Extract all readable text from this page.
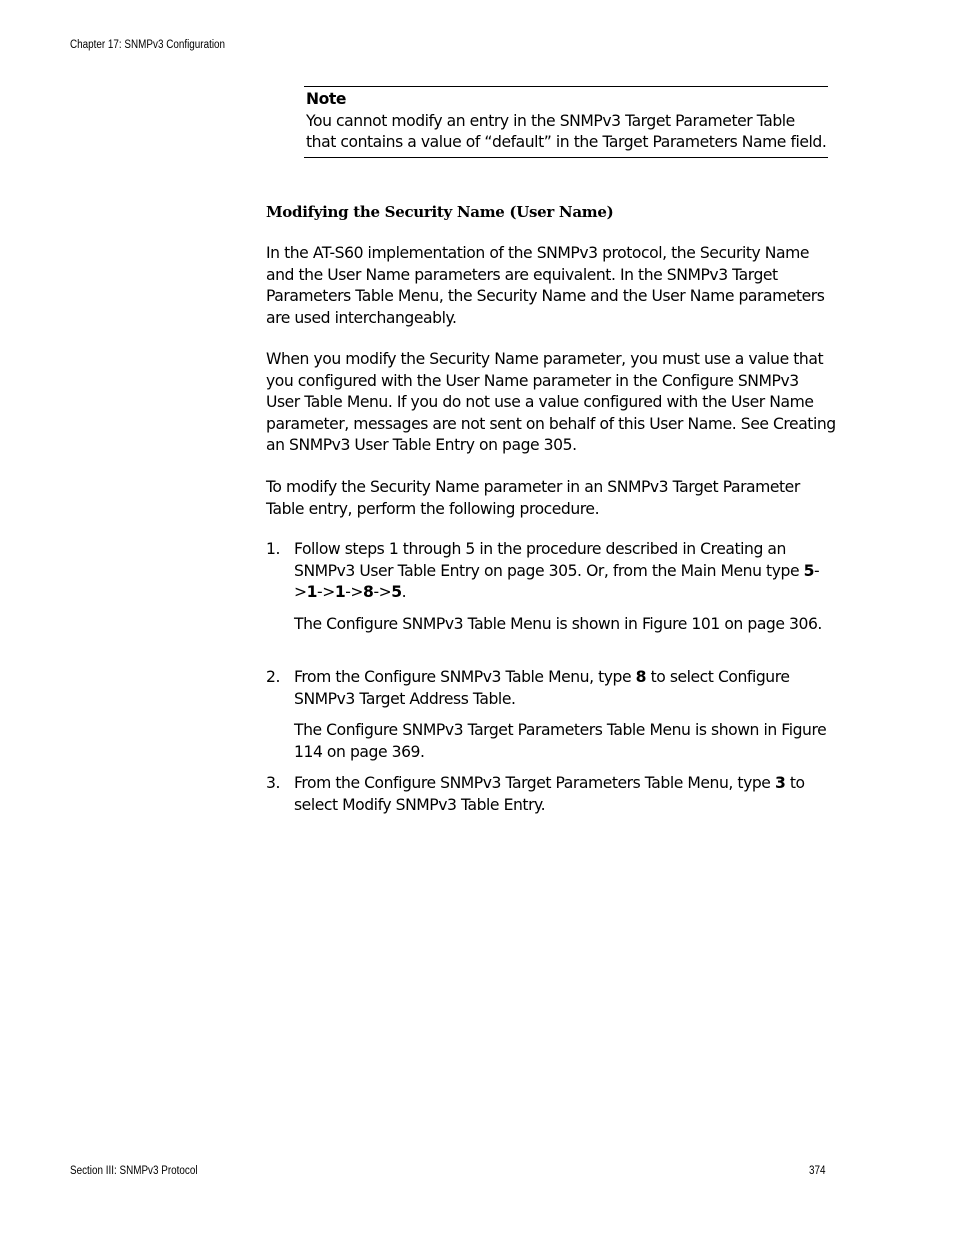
Chapter 17: SNMPv3 Configuration
Note
You cannot modify an entry in the SNMPv3 Target Parameter Table that contains a value of “default” in the Target Parameters Name field.
Modifying the Security Name (User Name)

In the AT-S60 implementation of the SNMPv3 protocol, the Security Name and the User Name parameters are equivalent. In the SNMPv3 Target Parameters Table Menu, the Security Name and the User Name parameters are used interchangeably.

When you modify the Security Name parameter, you must use a value that you configured with the User Name parameter in the Configure SNMPv3 User Table Menu. If you do not use a value configured with the User Name parameter, messages are not sent on behalf of this User Name. See Creating an SNMPv3 User Table Entry on page 305.

To modify the Security Name parameter in an SNMPv3 Target Parameter Table entry, perform the following procedure.

1. Follow steps 1 through 5 in the procedure described in Creating an SNMPv3 User Table Entry on page 305. Or, from the Main Menu type 5->1->1->8->5.
The Configure SNMPv3 Table Menu is shown in Figure 101 on page 306.
2. From the Configure SNMPv3 Table Menu, type 8 to select Configure SNMPv3 Target Address Table.
The Configure SNMPv3 Target Parameters Table Menu is shown in Figure 114 on page 369.
3. From the Configure SNMPv3 Target Parameters Table Menu, type 3 to select Modify SNMPv3 Table Entry.
Section III: SNMPv3 Protocol	374
